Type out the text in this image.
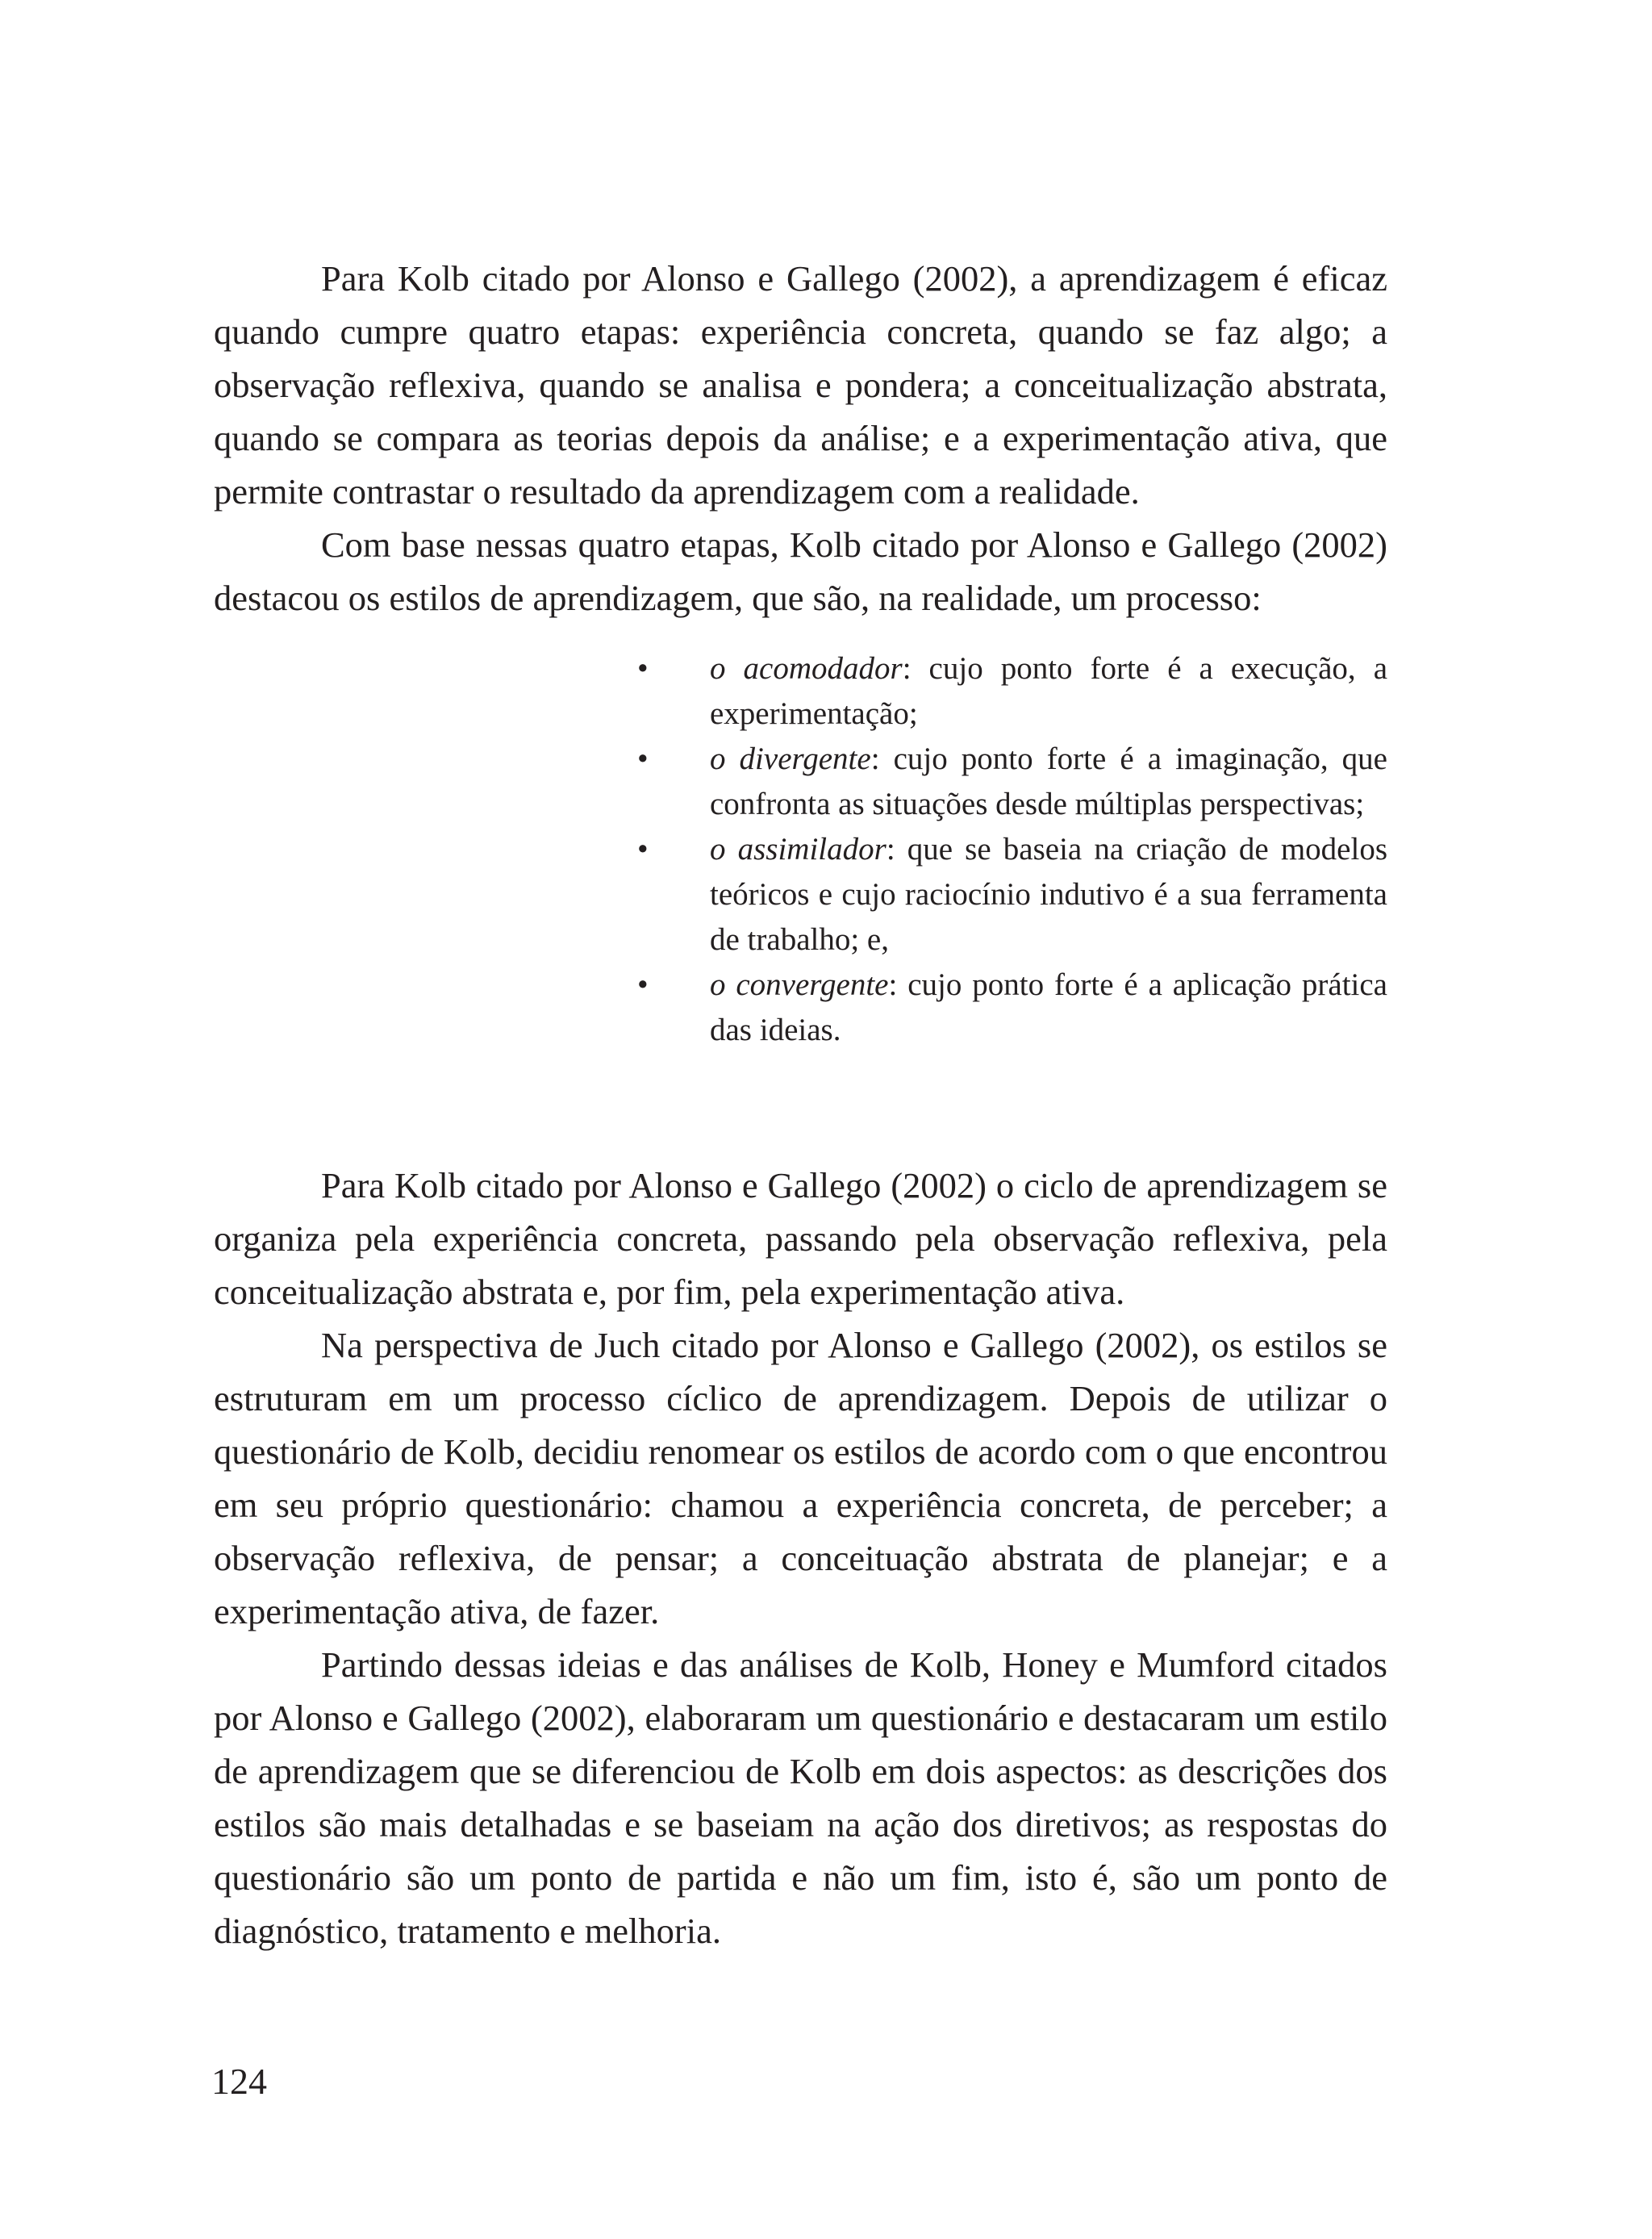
Para Kolb citado por Alonso e Gallego (2002), a aprendizagem é eficaz quando cumpre quatro etapas: experiência concreta, quando se faz algo; a observação reflexiva, quando se analisa e pondera; a conceitualização abstrata, quando se compara as teorias depois da análise; e a experimentação ativa, que permite contrastar o resultado da aprendizagem com a realidade.

Com base nessas quatro etapas, Kolb citado por Alonso e Gallego (2002) destacou os estilos de aprendizagem, que são, na realidade, um processo:

•	o acomodador: cujo ponto forte é a execução, a experimentação;
•	o divergente: cujo ponto forte é a imaginação, que confronta as situações desde múltiplas perspectivas;
•	o assimilador: que se baseia na criação de modelos teóricos e cujo raciocínio indutivo é a sua ferramenta de trabalho; e,
•	o convergente: cujo ponto forte é a aplicação prática das ideias.

Para Kolb citado por Alonso e Gallego (2002) o ciclo de aprendizagem se organiza pela experiência concreta, passando pela observação reflexiva, pela conceitualização abstrata e, por fim, pela experimentação ativa.

Na perspectiva de Juch citado por Alonso e Gallego (2002), os estilos se estruturam em um processo cíclico de aprendizagem. Depois de utilizar o questionário de Kolb, decidiu renomear os estilos de acordo com o que encontrou em seu próprio questionário: chamou a experiência concreta, de perceber; a observação reflexiva, de pensar; a conceituação abstrata de planejar; e a experimentação ativa, de fazer.

Partindo dessas ideias e das análises de Kolb, Honey e Mumford citados por Alonso e Gallego (2002), elaboraram um questionário e destacaram um estilo de aprendizagem que se diferenciou de Kolb em dois aspectos: as descrições dos estilos são mais detalhadas e se baseiam na ação dos diretivos; as respostas do questionário são um ponto de partida e não um fim, isto é, são um ponto de diagnóstico, tratamento e melhoria.

124
